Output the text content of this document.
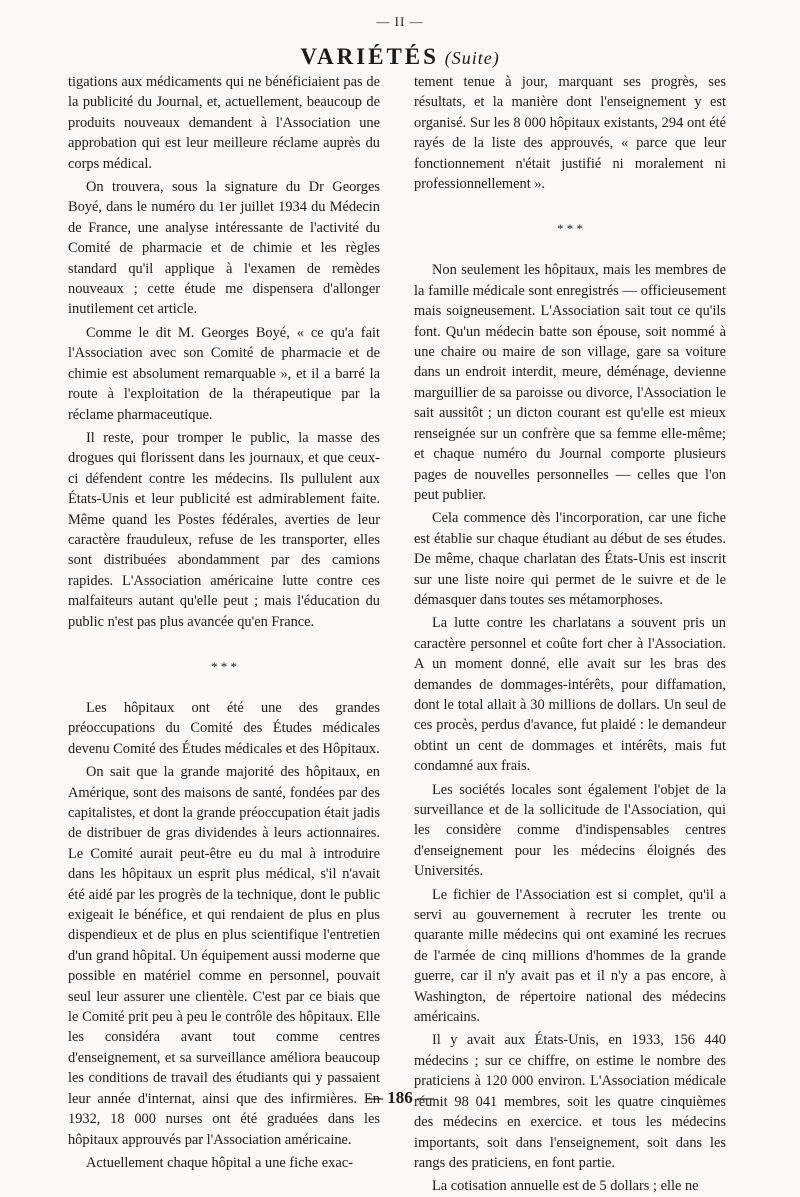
— II —
VARIÉTÉS (Suite)

tigations aux médicaments qui ne bénéficiaient pas de la publicité du Journal, et, actuellement, beaucoup de produits nouveaux demandent à l'Association une approbation qui est leur meilleure réclame auprès du corps médical.

On trouvera, sous la signature du Dr Georges Boyé, dans le numéro du 1er juillet 1934 du Médecin de France, une analyse intéressante de l'activité du Comité de pharmacie et de chimie et les règles standard qu'il applique à l'examen de remèdes nouveaux ; cette étude me dispensera d'allonger inutilement cet article.

Comme le dit M. Georges Boyé, « ce qu'a fait l'Association avec son Comité de pharmacie et de chimie est absolument remarquable », et il a barré la route à l'exploitation de la thérapeutique par la réclame pharmaceutique.

Il reste, pour tromper le public, la masse des drogues qui florissent dans les journaux, et que ceux-ci défendent contre les médecins. Ils pullulent aux États-Unis et leur publicité est admirablement faite. Même quand les Postes fédérales, averties de leur caractère frauduleux, refuse de les transporter, elles sont distribuées abondamment par des camions rapides. L'Association américaine lutte contre ces malfaiteurs autant qu'elle peut ; mais l'éducation du public n'est pas plus avancée qu'en France.

* * *

Les hôpitaux ont été une des grandes préoccupations du Comité des Études médicales devenu Comité des Études médicales et des Hôpitaux.

On sait que la grande majorité des hôpitaux, en Amérique, sont des maisons de santé, fondées par des capitalistes, et dont la grande préoccupation était jadis de distribuer de gras dividendes à leurs actionnaires. Le Comité aurait peut-être eu du mal à introduire dans les hôpitaux un esprit plus médical, s'il n'avait été aidé par les progrès de la technique, dont le public exigeait le bénéfice, et qui rendaient de plus en plus dispendieux et de plus en plus scientifique l'entretien d'un grand hôpital. Un équipement aussi moderne que possible en matériel comme en personnel, pouvait seul leur assurer une clientèle. C'est par ce biais que le Comité prit peu à peu le contrôle des hôpitaux. Elle les considéra avant tout comme centres d'enseignement, et sa surveillance améliora beaucoup les conditions de travail des étudiants qui y passaient leur année d'internat, ainsi que des infirmières. En 1932, 18 000 nurses ont été graduées dans les hôpitaux approuvés par l'Association américaine.

Actuellement chaque hôpital a une fiche exac-

tement tenue à jour, marquant ses progrès, ses résultats, et la manière dont l'enseignement y est organisé. Sur les 8 000 hôpitaux existants, 294 ont été rayés de la liste des approuvés, « parce que leur fonctionnement n'était justifié ni moralement ni professionnellement ».

* * *

Non seulement les hôpitaux, mais les membres de la famille médicale sont enregistrés — officieusement mais soigneusement. L'Association sait tout ce qu'ils font. Qu'un médecin batte son épouse, soit nommé à une chaire ou maire de son village, gare sa voiture dans un endroit interdit, meure, déménage, devienne marguillier de sa paroisse ou divorce, l'Association le sait aussitôt ; un dicton courant est qu'elle est mieux renseignée sur un confrère que sa femme elle-même; et chaque numéro du Journal comporte plusieurs pages de nouvelles personnelles — celles que l'on peut publier.

Cela commence dès l'incorporation, car une fiche est établie sur chaque étudiant au début de ses études. De même, chaque charlatan des États-Unis est inscrit sur une liste noire qui permet de le suivre et de le démasquer dans toutes ses métamorphoses.

La lutte contre les charlatans a souvent pris un caractère personnel et coûte fort cher à l'Association. A un moment donné, elle avait sur les bras des demandes de dommages-intérêts, pour diffamation, dont le total allait à 30 millions de dollars. Un seul de ces procès, perdus d'avance, fut plaidé : le demandeur obtint un cent de dommages et intérêts, mais fut condamné aux frais.

Les sociétés locales sont également l'objet de la surveillance et de la sollicitude de l'Association, qui les considère comme d'indispensables centres d'enseignement pour les médecins éloignés des Universités.

Le fichier de l'Association est si complet, qu'il a servi au gouvernement à recruter les trente ou quarante mille médecins qui ont examiné les recrues de l'armée de cinq millions d'hommes de la grande guerre, car il n'y avait pas et il n'y a pas encore, à Washington, de répertoire national des médecins américains.

Il y avait aux États-Unis, en 1933, 156 440 médecins ; sur ce chiffre, on estime le nombre des praticiens à 120 000 environ. L'Association médicale réunit 98 041 membres, soit les quatre cinquièmes des médecins en exercice. et tous les médecins importants, soit dans l'enseignement, soit dans les rangs des praticiens, en font partie.

La cotisation annuelle est de 5 dollars ; elle ne

— 186 —
